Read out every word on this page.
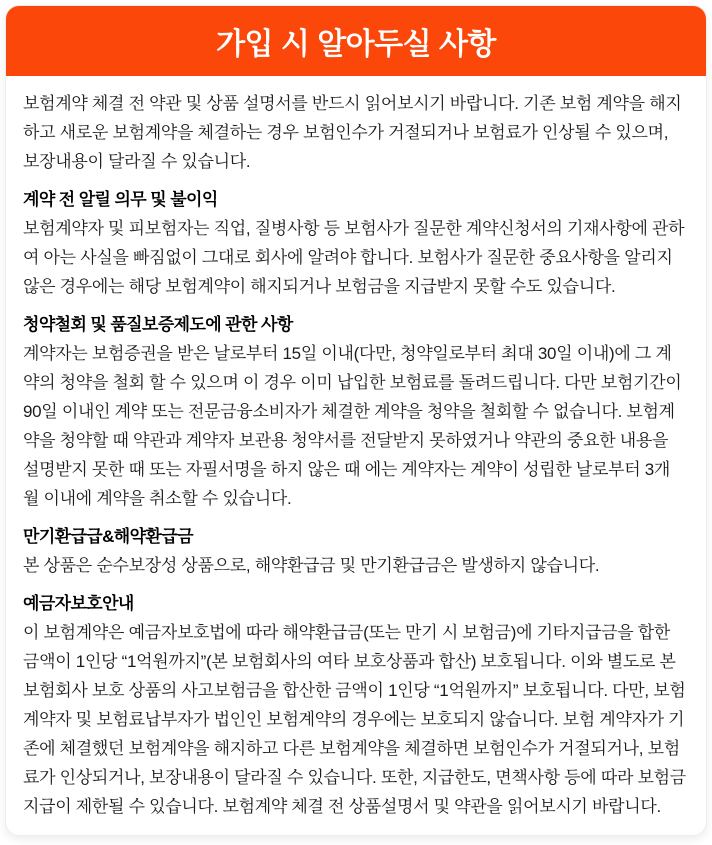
가입 시 알아두실 사항

보험계약 체결 전 약관 및 상품 설명서를 반드시 읽어보시기 바랍니다. 기존 보험 계약을 해지하고 새로운 보험계약을 체결하는 경우 보험인수가 거절되거나 보험료가 인상될 수 있으며, 보장내용이 달라질 수 있습니다.

계약 전 알릴 의무 및 불이익

보험계약자 및 피보험자는 직업, 질병사항 등 보험사가 질문한 계약신청서의 기재사항에 관하여 아는 사실을 빠짐없이 그대로 회사에 알려야 합니다. 보험사가 질문한 중요사항을 알리지 않은 경우에는 해당 보험계약이 해지되거나 보험금을 지급받지 못할 수도 있습니다.

청약철회 및 품질보증제도에 관한 사항

계약자는 보험증권을 받은 날로부터 15일 이내(다만, 청약일로부터 최대 30일 이내)에 그 계약의 청약을 철회 할 수 있으며 이 경우 이미 납입한 보험료를 돌려드립니다. 다만 보험기간이 90일 이내인 계약 또는 전문금융소비자가 체결한 계약을 청약을 철회할 수 없습니다. 보험계약을 청약할 때 약관과 계약자 보관용 청약서를 전달받지 못하였거나 약관의 중요한 내용을 설명받지 못한 때 또는 자필서명을 하지 않은 때 에는 계약자는 계약이 성립한 날로부터 3개월 이내에 계약을 취소할 수 있습니다.

만기환급급&해약환급금

본 상품은 순수보장성 상품으로, 해약환급금 및 만기환급금은 발생하지 않습니다.

예금자보호안내

이 보험계약은 예금자보호법에 따라 해약환급금(또는 만기 시 보험금)에 기타지급금을 합한 금액이 1인당 “1억원까지”(본 보험회사의 여타 보호상품과 합산) 보호됩니다. 이와 별도로 본 보험회사 보호 상품의 사고보험금을 합산한 금액이 1인당 “1억원까지” 보호됩니다. 다만, 보험계약자 및 보험료납부자가 법인인 보험계약의 경우에는 보호되지 않습니다. 보험 계약자가 기존에 체결했던 보험계약을 해지하고 다른 보험계약을 체결하면 보험인수가 거절되거나, 보험료가 인상되거나, 보장내용이 달라질 수 있습니다. 또한, 지급한도, 면책사항 등에 따라 보험금 지급이 제한될 수 있습니다. 보험계약 체결 전 상품설명서 및 약관을 읽어보시기 바랍니다.
